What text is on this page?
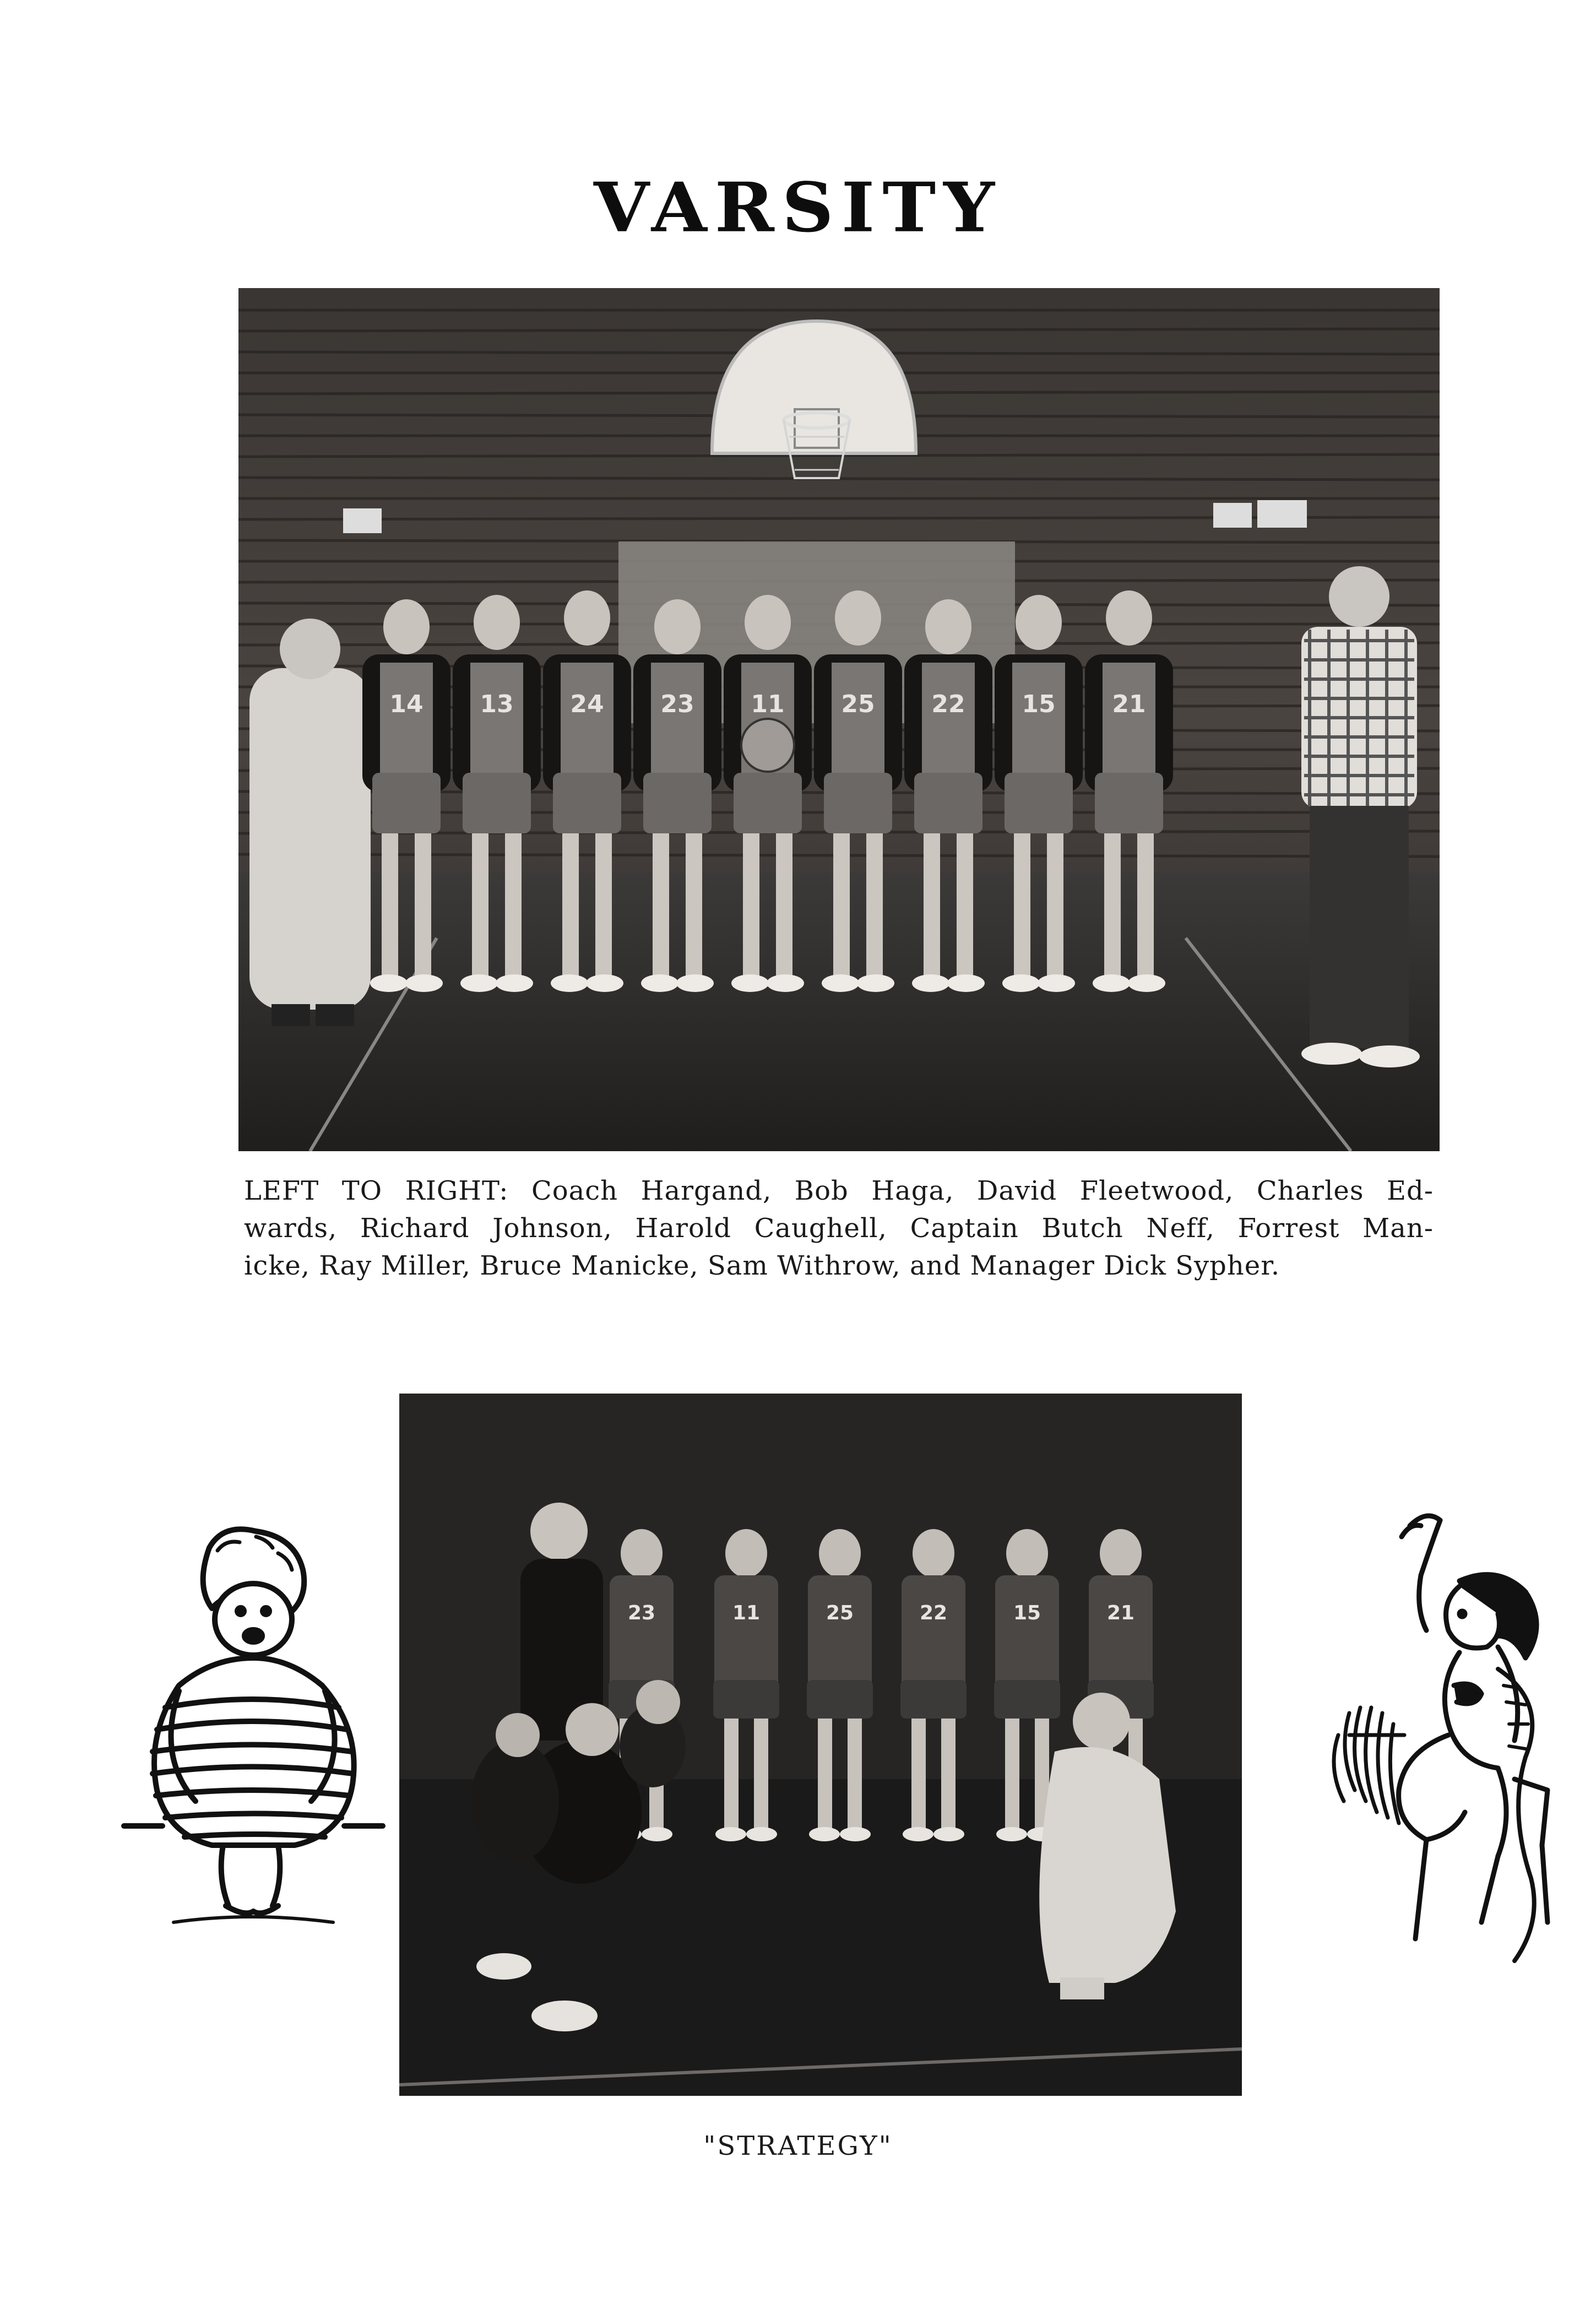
VARSITY
14 13 24 23 11 25 22 15 21
LEFT TO RIGHT: Coach Hargand, Bob Haga, David Fleetwood, Charles Ed-
wards, Richard Johnson, Harold Caughell, Captain Butch Neff, Forrest Man-
icke, Ray Miller, Bruce Manicke, Sam Withrow, and Manager Dick Sypher.
23	11	25	22	15	21
"STRATEGY"
